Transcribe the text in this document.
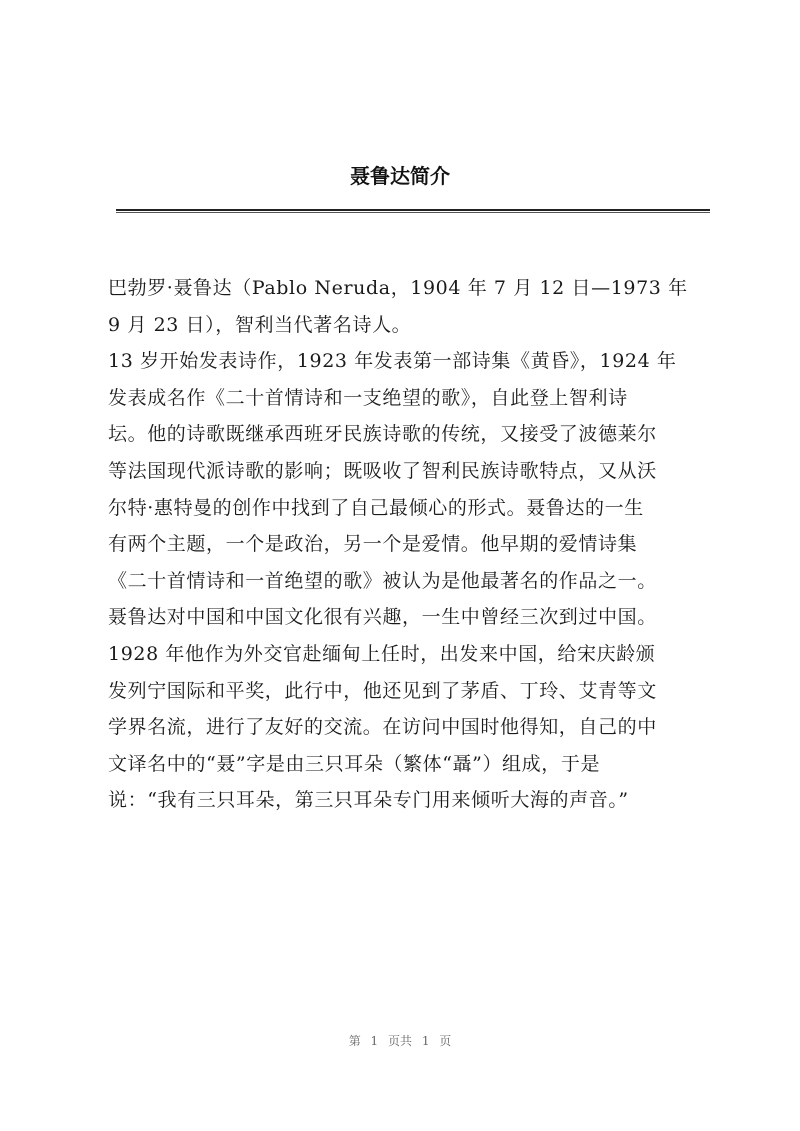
聂鲁达简介
巴勃罗·聂鲁达（Pablo Neruda，1904 年 7 月 12 日—1973 年
9 月 23 日），智利当代著名诗人。
13 岁开始发表诗作，1923 年发表第一部诗集《黄昏》，1924 年
发表成名作《二十首情诗和一支绝望的歌》，自此登上智利诗
坛。他的诗歌既继承西班牙民族诗歌的传统，又接受了波德莱尔
等法国现代派诗歌的影响；既吸收了智利民族诗歌特点，又从沃
尔特·惠特曼的创作中找到了自己最倾心的形式。聂鲁达的一生
有两个主题，一个是政治，另一个是爱情。他早期的爱情诗集
《二十首情诗和一首绝望的歌》被认为是他最著名的作品之一。
聂鲁达对中国和中国文化很有兴趣，一生中曾经三次到过中国。
1928 年他作为外交官赴缅甸上任时，出发来中国，给宋庆龄颁
发列宁国际和平奖，此行中，他还见到了茅盾、丁玲、艾青等文
学界名流，进行了友好的交流。在访问中国时他得知，自己的中
文译名中的“聂”字是由三只耳朵（繁体“聶”）组成，于是
说：“我有三只耳朵，第三只耳朵专门用来倾听大海的声音。”
第 1 页共 1 页
